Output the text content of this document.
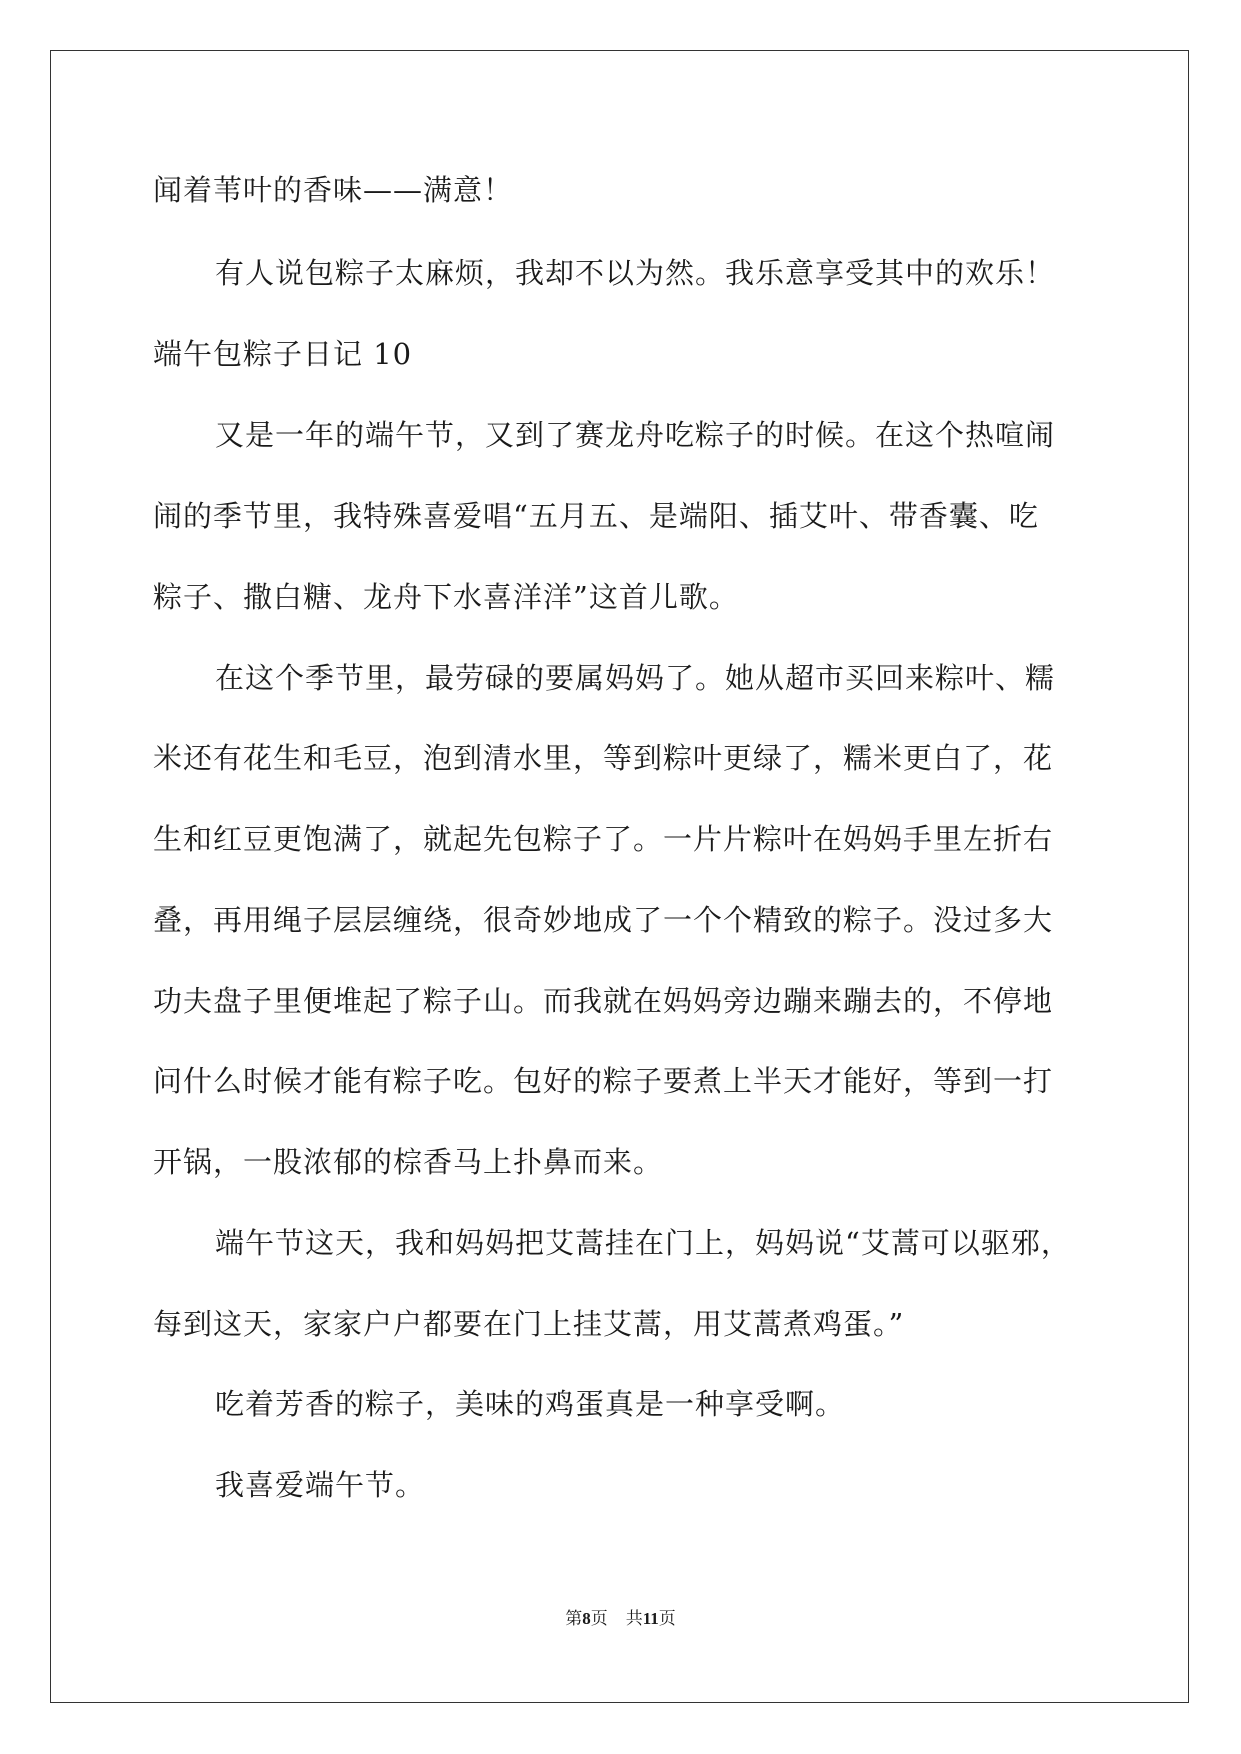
闻着苇叶的香味——满意！
有人说包粽子太麻烦，我却不以为然。我乐意享受其中的欢乐！
端午包粽子日记 10
又是一年的端午节，又到了赛龙舟吃粽子的时候。在这个热喧闹
闹的季节里，我特殊喜爱唱“五月五、是端阳、插艾叶、带香囊、吃
粽子、撒白糖、龙舟下水喜洋洋”这首儿歌。
在这个季节里，最劳碌的要属妈妈了。她从超市买回来粽叶、糯
米还有花生和毛豆，泡到清水里，等到粽叶更绿了，糯米更白了，花
生和红豆更饱满了，就起先包粽子了。一片片粽叶在妈妈手里左折右
叠，再用绳子层层缠绕，很奇妙地成了一个个精致的粽子。没过多大
功夫盘子里便堆起了粽子山。而我就在妈妈旁边蹦来蹦去的，不停地
问什么时候才能有粽子吃。包好的粽子要煮上半天才能好，等到一打
开锅，一股浓郁的棕香马上扑鼻而来。
端午节这天，我和妈妈把艾蒿挂在门上，妈妈说“艾蒿可以驱邪，
每到这天，家家户户都要在门上挂艾蒿，用艾蒿煮鸡蛋。”
吃着芳香的粽子，美味的鸡蛋真是一种享受啊。
我喜爱端午节。
第8页 共11页
